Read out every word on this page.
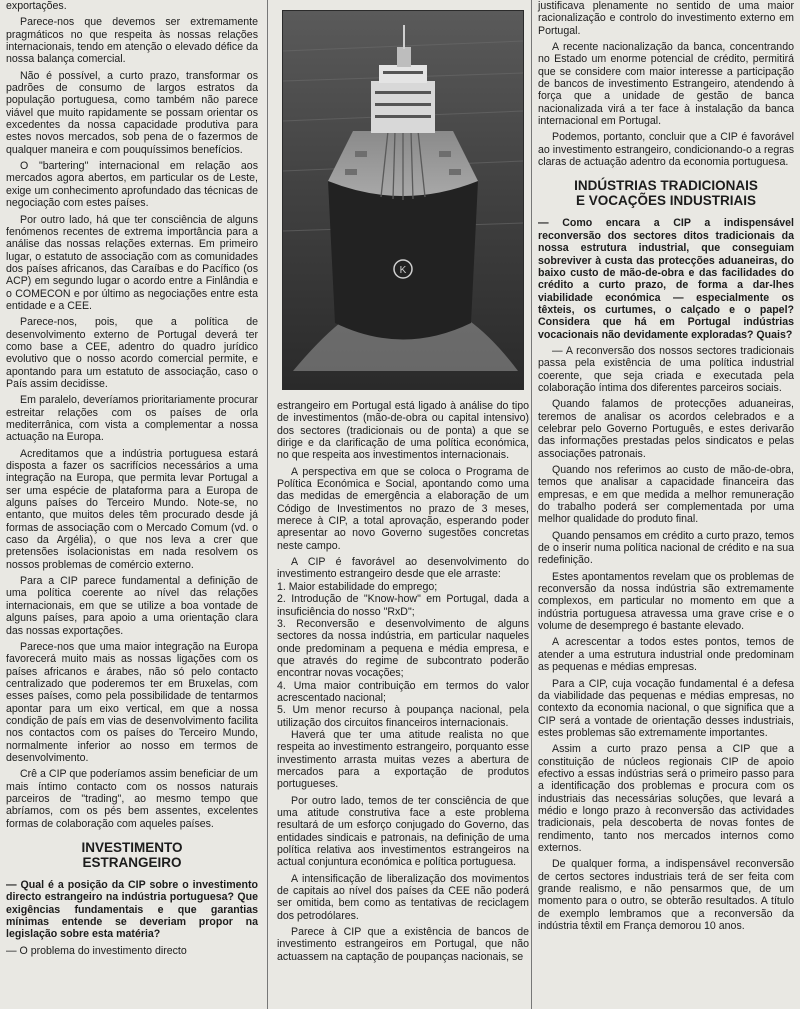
exportações.

Parece-nos que devemos ser extremamente pragmáticos no que respeita às nossas relações internacionais, tendo em atenção o elevado défice da nossa balança comercial.

Não é possível, a curto prazo, transformar os padrões de consumo de largos estratos da população portuguesa, como também não parece viável que muito rapidamente se possam orientar os excedentes da nossa capacidade produtiva para estes novos mercados, sob pena de o fazermos de qualquer maneira e com pouquíssimos benefícios.

O "bartering" internacional em relação aos mercados agora abertos, em particular os de Leste, exige um conhecimento aprofundado das técnicas de negociação com estes países.

Por outro lado, há que ter consciência de alguns fenómenos recentes de extrema importância para a análise das nossas relações externas. Em primeiro lugar, o estatuto de associação com as comunidades dos países africanos, das Caraíbas e do Pacífico (os ACP) em segundo lugar o acordo entre a Finlândia e o COMECON e por último as negociações entre esta entidade e a CEE.

Parece-nos, pois, que a política de desenvolvimento externo de Portugal deverá ter como base a CEE, adentro do quadro jurídico evolutivo que o nosso acordo comercial permite, e apontando para um estatuto de associação, caso o País assim decidisse.

Em paralelo, deveríamos prioritariamente procurar estreitar relações com os países de orla mediterrânica, com vista a complementar a nossa actuação na Europa.

Acreditamos que a indústria portuguesa estará disposta a fazer os sacrifícios necessários a uma integração na Europa, que permita levar Portugal a ser uma espécie de plataforma para a Europa de alguns países do Terceiro Mundo. Note-se, no entanto, que muitos deles têm procurado desde já formas de associação com o Mercado Comum (vd. o caso da Argélia), o que nos leva a crer que pretensões isolacionistas em nada resolvem os nossos problemas de comércio externo.

Para a CIP parece fundamental a definição de uma política coerente ao nível das relações internacionais, em que se utilize a boa vontade de alguns países, para apoio a uma orientação clara das nossas exportações.

Parece-nos que uma maior integração na Europa favorecerá muito mais as nossas ligações com os países africanos e árabes, não só pelo contacto centralizado que poderemos ter em Bruxelas, com esses países, como pela possibilidade de tentarmos apontar para um eixo vertical, em que a nossa condição de país em vias de desenvolvimento facilita nos contactos com os países do Terceiro Mundo, normalmente inferior ao nosso em termos de desenvolvimento.

Crê a CIP que poderíamos assim beneficiar de um mais íntimo contacto com os nossos naturais parceiros de "trading", ao mesmo tempo que abríamos, com os pés bem assentes, excelentes formas de colaboração com aqueles países.

INVESTIMENTO
ESTRANGEIRO

— Qual é a posição da CIP sobre o investimento directo estrangeiro na indústria portuguesa? Que exigências fundamentais e que garantias mínimas entende se deveriam propor na legislação sobre esta matéria?

— O problema do investimento directo

K

estrangeiro em Portugal está ligado à análise do tipo de investimentos (mão-de-obra ou capital intensivo) dos sectores (tradicionais ou de ponta) a que se dirige e da clarificação de uma política económica, no que respeita aos investimentos internacionais.

A perspectiva em que se coloca o Programa de Política Económica e Social, apontando como uma das medidas de emergência a elaboração de um Código de Investimentos no prazo de 3 meses, merece à CIP, a total aprovação, esperando poder apresentar ao novo Governo sugestões concretas neste campo.

A CIP é favorável ao desenvolvimento do investimento estrangeiro desde que ele arraste:

1. Maior estabilidade do emprego;
2. Introdução de "Know-how" em Portugal, dada a insuficiência do nosso "RxD";
3. Reconversão e desenvolvimento de alguns sectores da nossa indústria, em particular naqueles onde predominam a pequena e média empresa, e que através do regime de subcontrato poderão encontrar novas vocações;
4. Uma maior contribuição em termos do valor acrescentado nacional;
5. Um menor recurso à poupança nacional, pela utilização dos circuitos financeiros internacionais.

Haverá que ter uma atitude realista no que respeita ao investimento estrangeiro, porquanto esse investimento arrasta muitas vezes a abertura de mercados para a exportação de produtos portugueses.

Por outro lado, temos de ter consciência de que uma atitude construtiva face a este problema resultará de um esforço conjugado do Governo, das entidades sindicais e patronais, na definição de uma política relativa aos investimentos estrangeiros na actual conjuntura económica e política portuguesa.

A intensificação de liberalização dos movimentos de capitais ao nível dos países da CEE não poderá ser omitida, bem como as tentativas de reciclagem dos petrodólares.

Parece à CIP que a existência de bancos de investimento estrangeiros em Portugal, que não actuassem na captação de poupanças nacionais, se

justificava plenamente no sentido de uma maior racionalização e controlo do investimento externo em Portugal.

A recente nacionalização da banca, concentrando no Estado um enorme potencial de crédito, permitirá que se considere com maior interesse a participação de bancos de investimento Estrangeiro, atendendo à força que a unidade de gestão de banca nacionalizada virá a ter face à instalação da banca internacional em Portugal.

Podemos, portanto, concluir que a CIP é favorável ao investimento estrangeiro, condicionando-o a regras claras de actuação adentro da economia portuguesa.

INDÚSTRIAS TRADICIONAIS
E VOCAÇÕES INDUSTRIAIS

— Como encara a CIP a indispensável reconversão dos sectores ditos tradicionais da nossa estrutura industrial, que conseguiam sobreviver à custa das protecções aduaneiras, do baixo custo de mão-de-obra e das facilidades do crédito a curto prazo, de forma a dar-lhes viabilidade económica — especialmente os têxteis, os curtumes, o calçado e o papel? Considera que há em Portugal indústrias vocacionais não devidamente exploradas? Quais?

— A reconversão dos nossos sectores tradicionais passa pela existência de uma política industrial coerente, que seja criada e executada pela colaboração íntima dos diferentes parceiros sociais.

Quando falamos de protecções aduaneiras, teremos de analisar os acordos celebrados e a celebrar pelo Governo Português, e estes derivarão das informações prestadas pelos sindicatos e pelas associações patronais.

Quando nos referimos ao custo de mão-de-obra, temos que analisar a capacidade financeira das empresas, e em que medida a melhor remuneração do trabalho poderá ser complementada por uma melhor qualidade do produto final.

Quando pensamos em crédito a curto prazo, temos de o inserir numa política nacional de crédito e na sua redefinição.

Estes apontamentos revelam que os problemas de reconversão da nossa indústria são extremamente complexos, em particular no momento em que a indústria portuguesa atravessa uma grave crise e o volume de desemprego é bastante elevado.

A acrescentar a todos estes pontos, temos de atender a uma estrutura industrial onde predominam as pequenas e médias empresas.

Para a CIP, cuja vocação fundamental é a defesa da viabilidade das pequenas e médias empresas, no contexto da economia nacional, o que significa que a CIP será a vontade de orientação desses industriais, estes problemas são extremamente importantes.

Assim a curto prazo pensa a CIP que a constituição de núcleos regionais CIP de apoio efectivo a essas indústrias será o primeiro passo para a identificação dos problemas e procura com os industriais das necessárias soluções, que levará a médio e longo prazo à reconversão das actividades tradicionais, pela descoberta de novas fontes de rendimento, tanto nos mercados internos como externos.

De qualquer forma, a indispensável reconversão de certos sectores industriais terá de ser feita com grande realismo, e não pensarmos que, de um momento para o outro, se obterão resultados. A título de exemplo lembramos que a reconversão da indústria têxtil em França demorou 10 anos.
